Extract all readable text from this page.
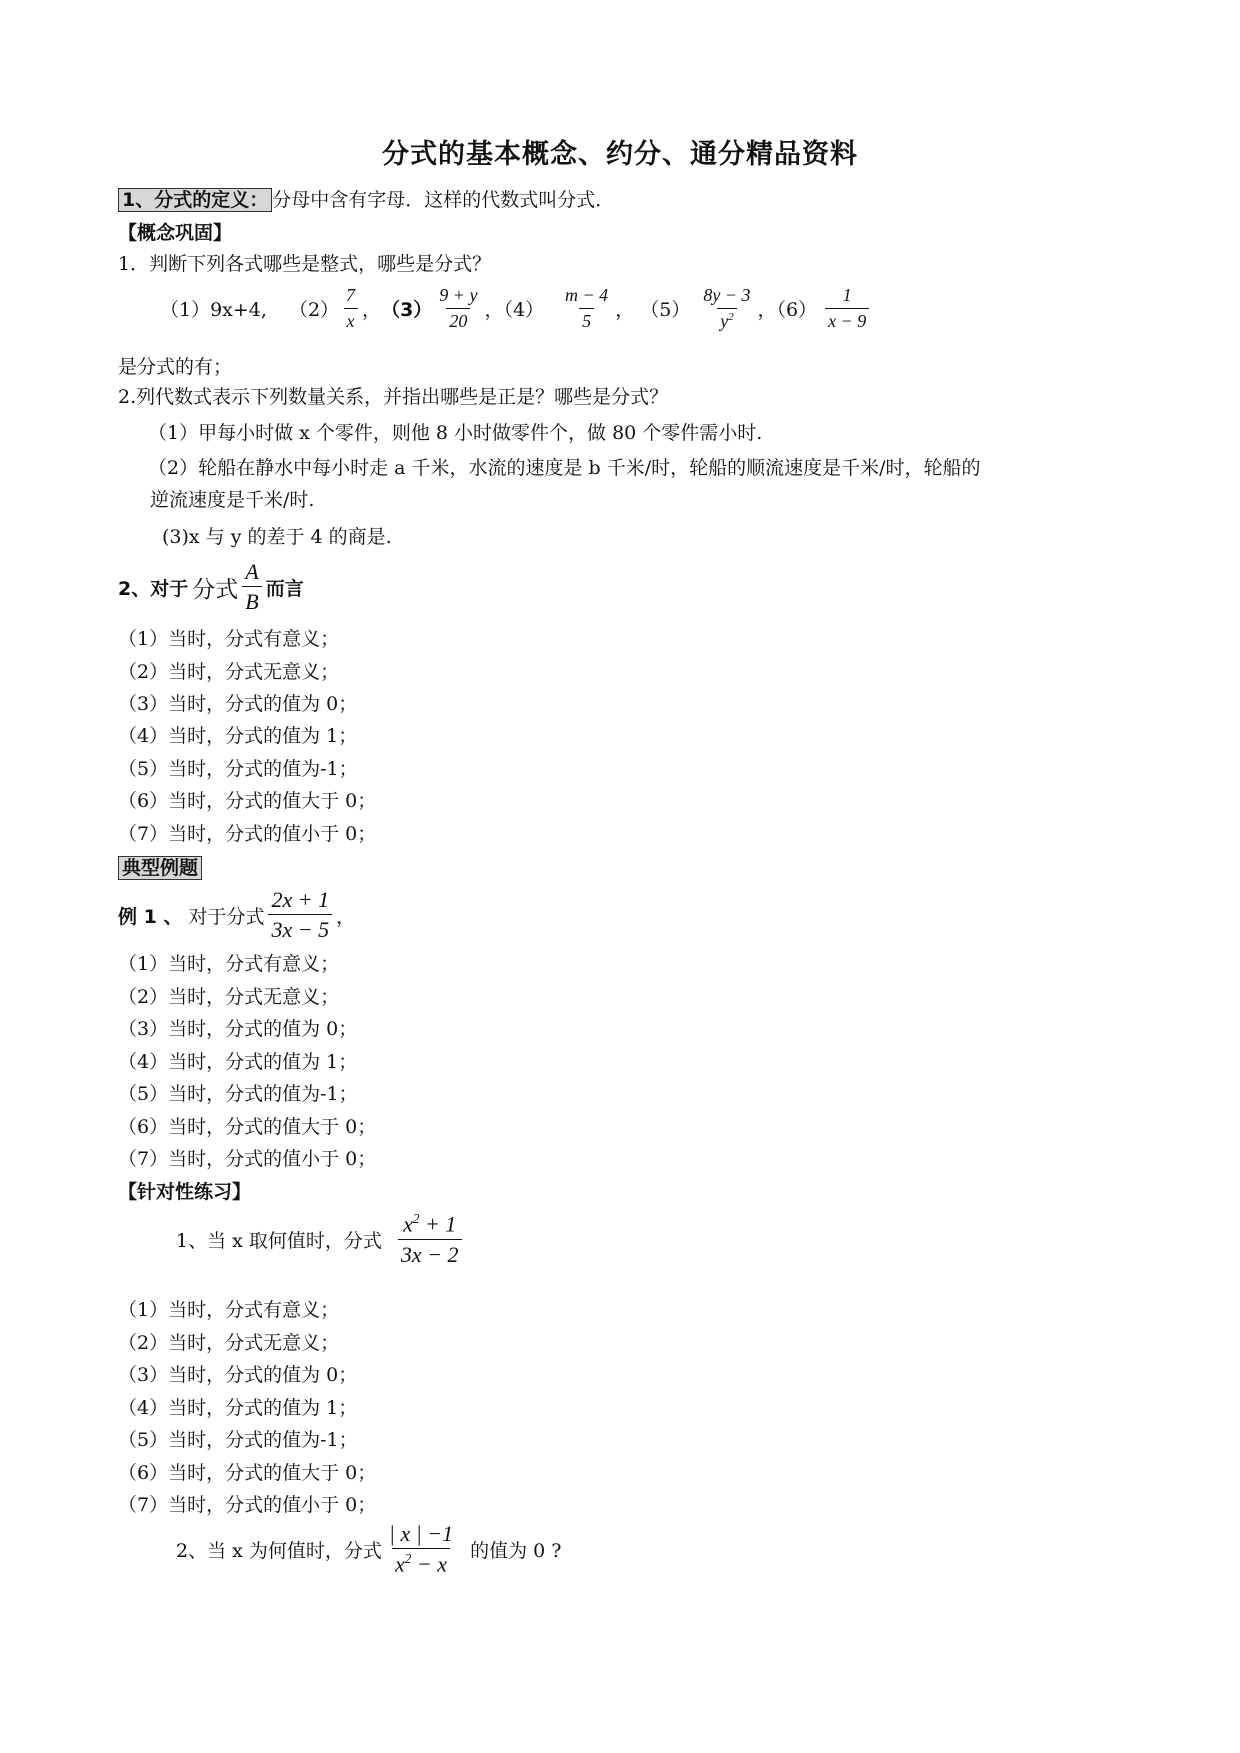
分式的基本概念、约分、通分精品资料
1、分式的定义： 分母中含有字母．这样的代数式叫分式．
【概念巩固】
1．判断下列各式哪些是整式，哪些是分式？
（1）9x+4, $(2) \frac{7}{x}$ ， $(3) \frac{9 + y}{20}$ ，$(4) \frac{m - 4}{5}$ ， $(5) \frac{8y - 3}{y^2}$ ，$(6) \frac{1}{x - 9}$
是分式的有；
2.列代数式表示下列数量关系，并指出哪些是正是？哪些是分式？
（1）甲每小时做 x 个零件，则他 8 小时做零件个，做 80 个零件需小时.
（2）轮船在静水中每小时走 a 千米，水流的速度是 b 千米/时，轮船的顺流速度是千米/时，轮船的
逆流速度是千米/时.
(3)x 与 y 的差于 4 的商是.
2、对于 分式 $\frac{A}{B}$ 而言
（1）当时，分式有意义；
（2）当时，分式无意义；
（3）当时，分式的值为 0；
（4）当时，分式的值为 1；
（5）当时，分式的值为-1；
（6）当时，分式的值大于 0；
（7）当时，分式的值小于 0；
典型例题
例 1 、 对于分式 $\frac{2x + 1}{3x - 5}$ ，
（1）当时，分式有意义；
（2）当时，分式无意义；
（3）当时，分式的值为 0；
（4）当时，分式的值为 1；
（5）当时，分式的值为-1；
（6）当时，分式的值大于 0；
（7）当时，分式的值小于 0；
【针对性练习】
1、当 x 取何值时，分式 $\frac{x^2 + 1}{3x - 2}$
（1）当时，分式有意义；
（2）当时，分式无意义；
（3）当时，分式的值为 0；
（4）当时，分式的值为 1；
（5）当时，分式的值为-1；
（6）当时，分式的值大于 0；
（7）当时，分式的值小于 0；
2、当 x 为何值时，分式 $\frac{| x | -1}{x^2 - x}$ 的值为 0 ?
